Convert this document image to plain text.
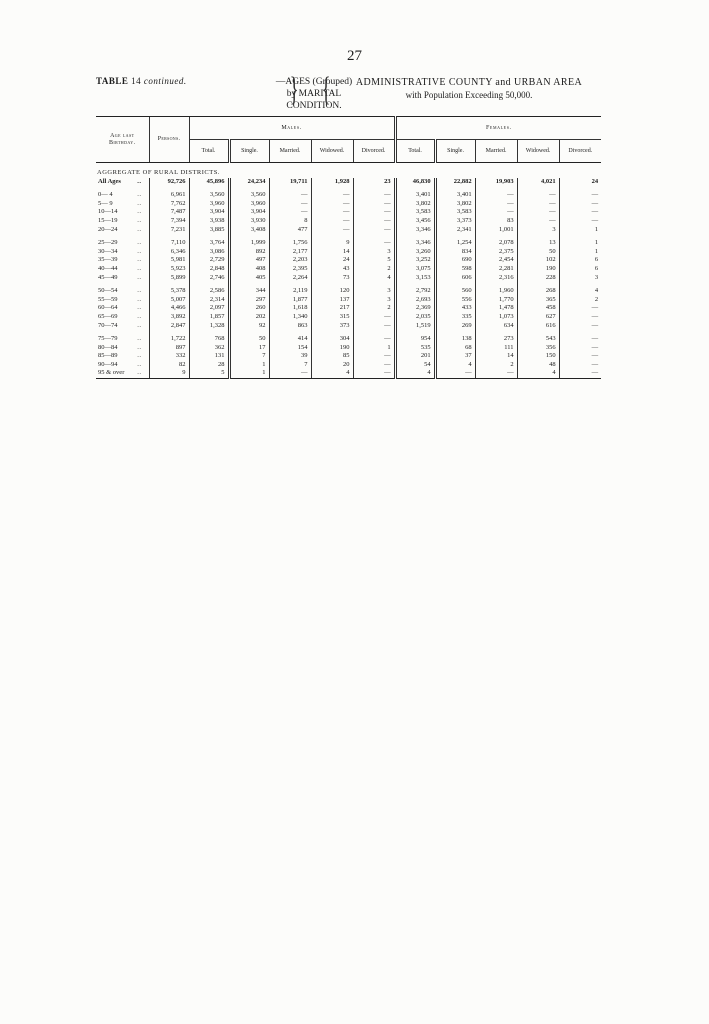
27
TABLE 14 continued.	—AGES (Grouped)
by MARITAL
CONDITION.
} {	ADMINISTRATIVE COUNTY and URBAN AREA
with Population Exceeding 50,000.
Age last Birthday.	Persons.	Males.					Females.				
		Total.	Single.	Married.	Widowed.	Divorced.	Total.	Single.	Married.	Widowed.	Divorced.
AGGREGATE OF RURAL DISTRICTS.											

..
All Ages	92,726	45,896	24,234	19,711	1,928	23	46,830	22,882	19,903	4,021	24

..
0— 4	6,961	3,560	3,560	—	—	—	3,401	3,401	—	—	—

..
5— 9	7,762	3,960	3,960	—	—	—	3,802	3,802	—	—	—

..
10—14	7,487	3,904	3,904	—	—	—	3,583	3,583	—	—	—

..
15—19	7,394	3,938	3,930	8	—	—	3,456	3,373	83	—	—

..
20—24	7,231	3,885	3,408	477	—	—	3,346	2,341	1,001	3	1

..
25—29	7,110	3,764	1,999	1,756	9	—	3,346	1,254	2,078	13	1

..
30—34	6,346	3,086	892	2,177	14	3	3,260	834	2,375	50	1

..
35—39	5,981	2,729	497	2,203	24	5	3,252	690	2,454	102	6

..
40—44	5,923	2,848	408	2,395	43	2	3,075	598	2,281	190	6

..
45—49	5,899	2,746	405	2,264	73	4	3,153	606	2,316	228	3

..
50—54	5,378	2,586	344	2,119	120	3	2,792	560	1,960	268	4

..
55—59	5,007	2,314	297	1,877	137	3	2,693	556	1,770	365	2

..
60—64	4,466	2,097	260	1,618	217	2	2,369	433	1,478	458	—

..
65—69	3,892	1,857	202	1,340	315	—	2,035	335	1,073	627	—

..
70—74	2,847	1,328	92	863	373	—	1,519	269	634	616	—

..
75—79	1,722	768	50	414	304	—	954	138	273	543	—

..
80—84	897	362	17	154	190	1	535	68	111	356	—

..
85—89	332	131	7	39	85	—	201	37	14	150	—

..
90—94	82	28	1	7	20	—	54	4	2	48	—

..
95 & over	9	5	1	—	4	—	4	—	—	4	—
